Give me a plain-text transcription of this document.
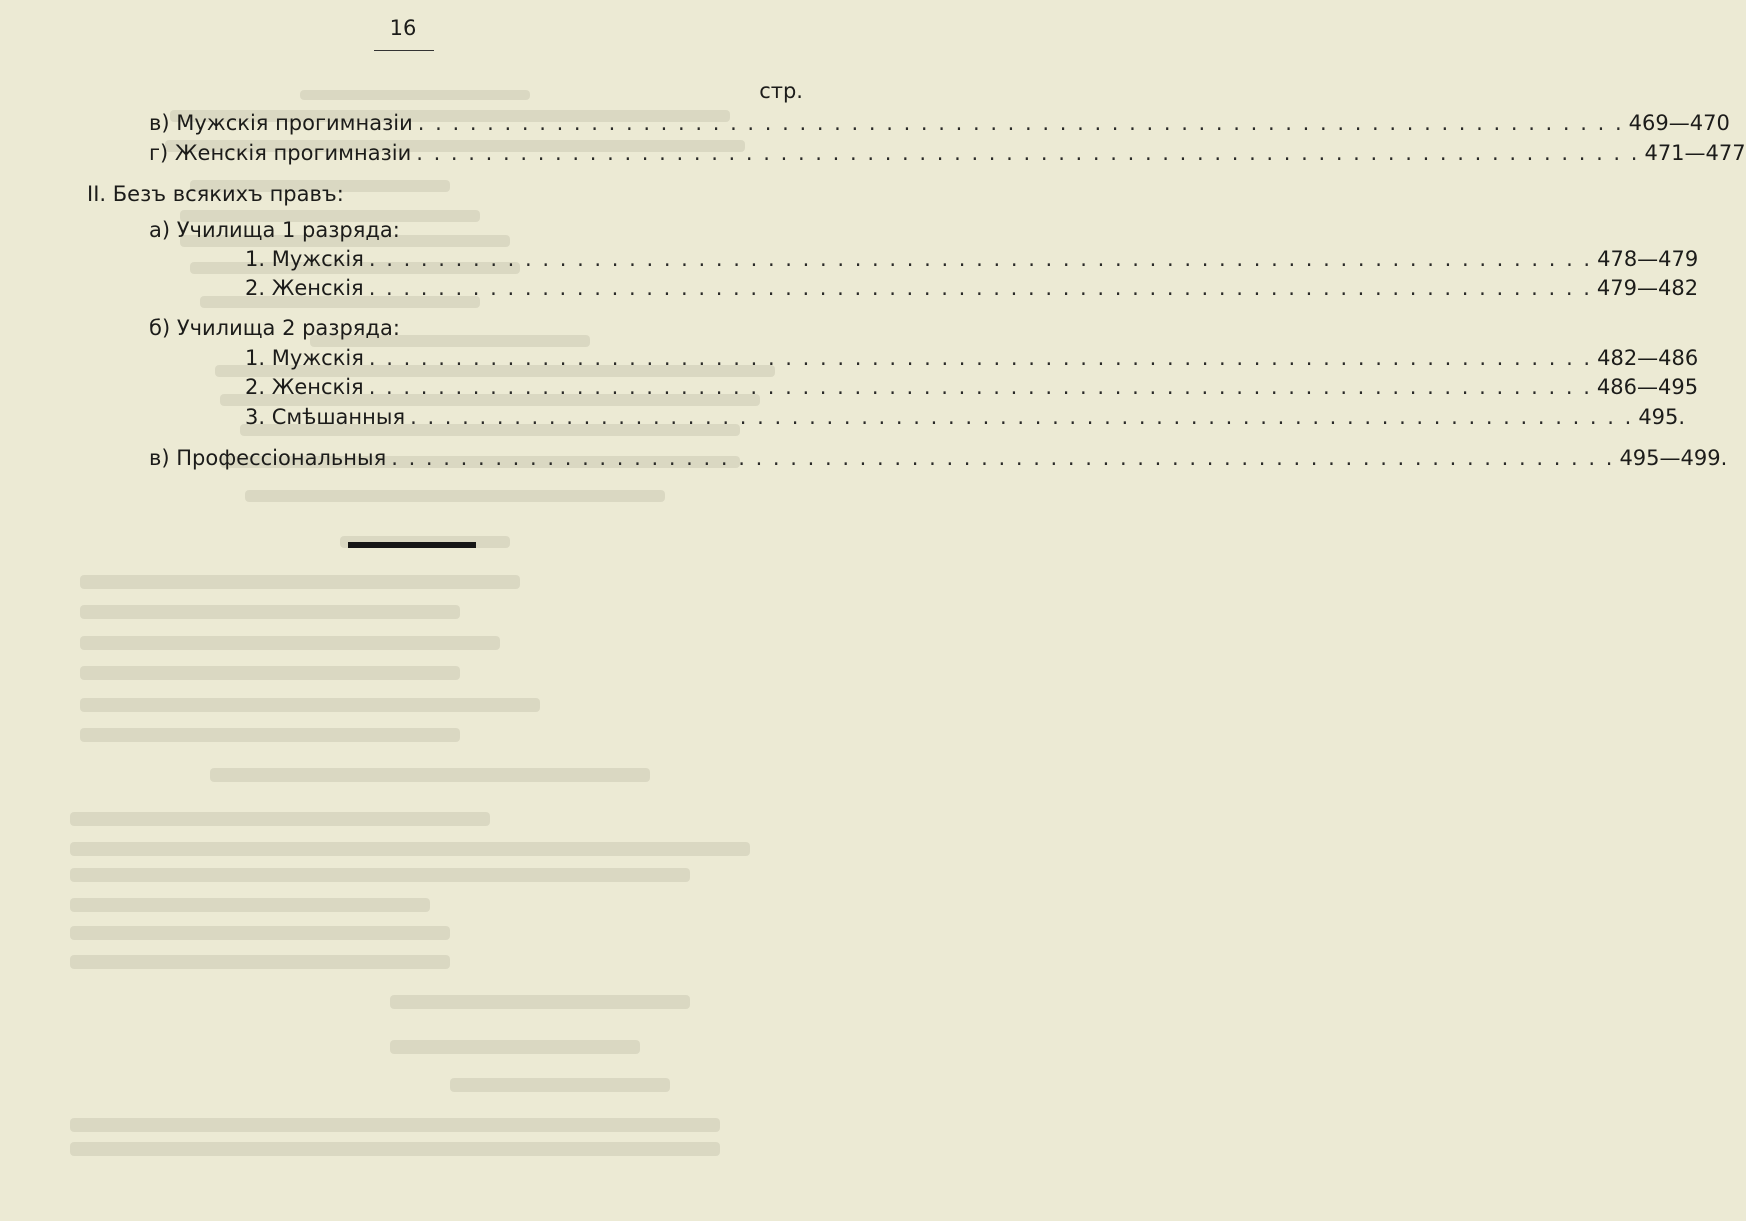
16
стр.
в) Мужскія прогимназіи . . . . . . . . . . . . . . . . . . . . . . . . . . . . . . . . . . . . . . . . . . . . . . . . . . . . . . . . . . . . . . . . . . . . . . 469—470
г) Женскія прогимназіи . . . . . . . . . . . . . . . . . . . . . . . . . . . . . . . . . . . . . . . . . . . . . . . . . . . . . . . . . . . . . . . . . . . . . . . 471—477
II. Безъ всякихъ правъ:
а) Училища 1 разряда:
1. Мужскія . . . . . . . . . . . . . . . . . . . . . . . . . . . . . . . . . . . . . . . . . . . . . . . . . . . . . . . . . . . . . . . . . . . . . . . 478—479
2. Женскія . . . . . . . . . . . . . . . . . . . . . . . . . . . . . . . . . . . . . . . . . . . . . . . . . . . . . . . . . . . . . . . . . . . . . . . 479—482
б) Училища 2 разряда:
1. Мужскія . . . . . . . . . . . . . . . . . . . . . . . . . . . . . . . . . . . . . . . . . . . . . . . . . . . . . . . . . . . . . . . . . . . . . . . 482—486
2. Женскія . . . . . . . . . . . . . . . . . . . . . . . . . . . . . . . . . . . . . . . . . . . . . . . . . . . . . . . . . . . . . . . . . . . . . . . 486—495
3. Смѣшанныя . . . . . . . . . . . . . . . . . . . . . . . . . . . . . . . . . . . . . . . . . . . . . . . . . . . . . . . . . . . . . . . . . . . . . . . 495.
в) Профессіональныя . . . . . . . . . . . . . . . . . . . . . . . . . . . . . . . . . . . . . . . . . . . . . . . . . . . . . . . . . . . . . . . . . . . . . . . 495—499.
